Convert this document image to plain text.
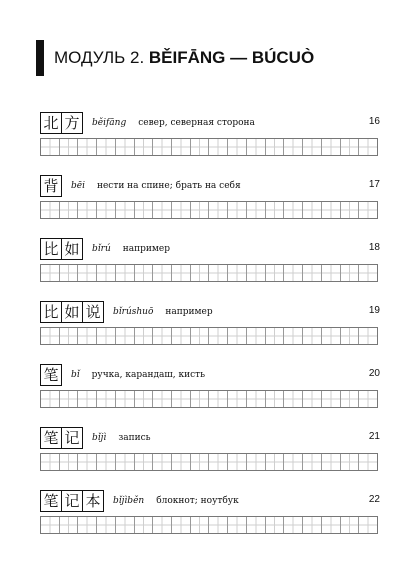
МОДУЛЬ 2. BĚIFĀNG — BÚCUÒ
北 方	běifāng север, северная сторона	16
背	bēi нести на спине; брать на себя	17
比 如	bǐrú например	18
比 如 说	bǐrúshuō например	19
笔	bǐ ручка, карандаш, кисть	20
笔 记	bǐjì запись	21
笔 记 本	bǐjìběn блокнот; ноутбук	22
